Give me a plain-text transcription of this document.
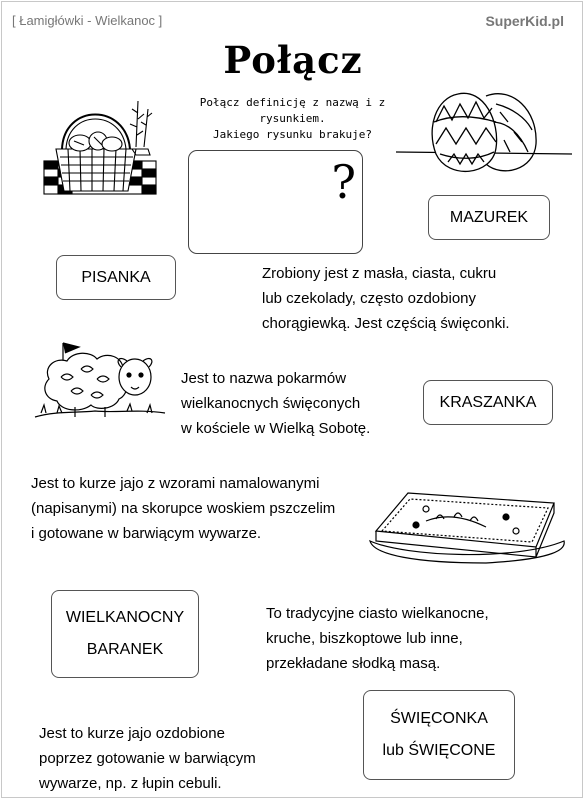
[ Łamigłówki - Wielkanoc ]	SuperKid.pl
Połącz
Połącz definicję z nazwą i z rysunkiem.
Jakiego rysunku brakuje?
?
MAZUREK
PISANKA	Zrobiony jest z masła, ciasta, cukru
lub czekolady, często ozdobiony
chorągiewką. Jest częścią święconki.
Jest to nazwa pokarmów
wielkanocnych święconych
w kościele w Wielką Sobotę.
KRASZANKA
Jest to kurze jajo z wzorami namalowanymi
(napisanymi) na skorupce woskiem pszczelim
i gotowane w barwiącym wywarze.
WIELKANOCNY
BARANEK
To tradycyjne ciasto wielkanocne,
kruche, biszkoptowe lub inne,
przekładane słodką masą.
ŚWIĘCONKA
lub ŚWIĘCONE
Jest to kurze jajo ozdobione
poprzez gotowanie w barwiącym
wywarze, np. z łupin cebuli.
